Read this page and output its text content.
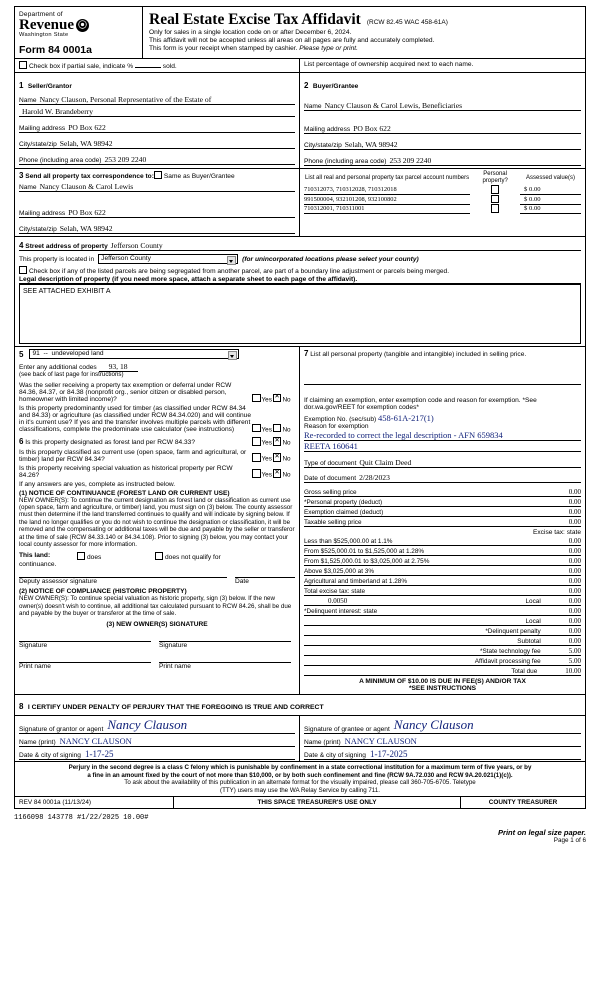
Department of
Revenue ⦿
Washington State
Form 84 0001a
Real Estate Excise Tax Affidavit (RCW 82.45 WAC 458-61A)
Only for sales in a single location code on or after December 6, 2024.
This affidavit will not be accepted unless all areas on all pages are fully and accurately completed.
This form is your receipt when stamped by cashier. Please type or print.
Check box if partial sale, indicate %	sold.	List percentage of ownership acquired next to each name.
1 Seller/Grantor
Name Nancy Clauson, Personal Representative of the Estate of
Harold W. Brandeberry
Mailing address PO Box 622
City/state/zip Selah, WA 98942
Phone (including area code) 253 209 2240
2 Buyer/Grantee
Name Nancy Clauson & Carol Lewis, Beneficiaries
Mailing address PO Box 622
City/state/zip Selah, WA 98942
Phone (including area code) 253 209 2240
3 Send all property tax correspondence to: Same as Buyer/Grantee
Name Nancy Clauson & Carol Lewis
Mailing address PO Box 622
City/state/zip Selah, WA 98942
List all real and personal property tax parcel account numbers	Personal property?	Assessed value(s)
710312073, 710312028, 710312018		$ 0.00
991500004, 932101208, 932100802		$ 0.00
710312001, 710311001		$ 0.00
4 Street address of property Jefferson County
This property is located in	Jefferson County	(for unincorporated locations please select your county)
Check box if any of the listed parcels are being segregated from another parcel, are part of a boundary line adjustment or parcels being merged.
Legal description of property (if you need more space, attach a separate sheet to each page of the affidavit).
SEE ATTACHED EXHIBIT A
5	91  --  undeveloped land
Enter any additional codes 93, 18
(see back of last page for instructions)
Was the seller receiving a property tax exemption or deferral under RCW 84.36, 84.37, or 84.38 (nonprofit org., senior citizen or disabled person, homeowner with limited income)?	Yes ✕ No
Is this property predominantly used for timber (as classified under RCW 84.34 and 84.33) or agriculture (as classified under RCW 84.34.020) and will continue in it's current use? If yes and the transfer involves multiple parcels with different classifications, complete the predominate use calculator (see instructions)	Yes No
6 Is this property designated as forest land per RCW 84.33?	Yes ✕ No
Is this property classified as current use (open space, farm and agricultural, or timber) land per RCW 84.34?	Yes ✕ No
Is this property receiving special valuation as historical property per RCW 84.26?	Yes ✕ No
If any answers are yes, complete as instructed below.
(1) NOTICE OF CONTINUANCE (FOREST LAND OR CURRENT USE)
NEW OWNER(S): To continue the current designation as forest land or classification as current use (open space, farm and agriculture, or timber) land, you must sign on (3) below. The county assessor must then determine if the land transferred continues to qualify and will indicate by signing below. If the land no longer qualifies or you do not wish to continue the designation or classification, it will be removed and the compensating or additional taxes will be due and payable by the seller or transferor at the time of sale (RCW 84.33.140 or 84.34.108). Prior to signing (3) below, you may contact your local county assessor for more information.
This land:	does	does not qualify for
continuance.
Deputy assessor signature	Date
(2) NOTICE OF COMPLIANCE (HISTORIC PROPERTY)
NEW OWNER(S): To continue special valuation as historic property, sign (3) below. If the new owner(s) doesn't wish to continue, all additional tax calculated pursuant to RCW 84.26, shall be due and payable by the buyer or transferor at the time of sale.
(3) NEW OWNER(S) SIGNATURE
Signature	Signature
Print name	Print name
7 List all personal property (tangible and intangible) included in selling price.
If claiming an exemption, enter exemption code and reason for exemption. *See dor.wa.gov/REET for exemption codes*
Exemption No. (sec/sub) 458-61A-217(1)
Reason for exemption
Re-recorded to correct the legal description - AFN 659834
REETA 160641
Type of document Quit Claim Deed
Date of document 2/28/2023
Gross selling price	0.00
*Personal property (deduct)	0.00
Exemption claimed (deduct)	0.00
Taxable selling price	0.00
Excise tax: state
Less than $525,000.00 at 1.1%	0.00
From $525,000.01 to $1,525,000 at 1.28%	0.00
From $1,525,000.01 to $3,025,000 at 2.75%	0.00
Above $3,025,000 at 3%	0.00
Agricultural and timberland at 1.28%	0.00
Total excise tax: state	0.00
0.0050	Local	0.00
*Delinquent interest: state	0.00
Local	0.00
*Delinquent penalty	0.00
Subtotal	0.00
*State technology fee	5.00
Affidavit processing fee	5.00
Total due	10.00
A MINIMUM OF $10.00 IS DUE IN FEE(S) AND/OR TAX
*SEE INSTRUCTIONS
8 I CERTIFY UNDER PENALTY OF PERJURY THAT THE FOREGOING IS TRUE AND CORRECT
Signature of grantor or agent Nancy Clauson
Name (print) NANCY CLAUSON
Date & city of signing 1-17-25
Signature of grantee or agent Nancy Clauson
Name (print) NANCY CLAUSON
Date & city of signing 1-17-2025
Perjury in the second degree is a class C felony which is punishable by confinement in a state correctional institution for a maximum term of five years, or by
a fine in an amount fixed by the court of not more than $10,000, or by both such confinement and fine (RCW 9A.72.030 and RCW 9A.20.021(1)(c)).
To ask about the availability of this publication in an alternate format for the visually impaired, please call 360-705-6705. Teletype
(TTY) users may use the WA Relay Service by calling 711.
REV 84 0001a (11/13/24)	THIS SPACE TREASURER'S USE ONLY	COUNTY TREASURER
1166098 143778 #1/22/2025 10.00#
Print on legal size paper.
Page 1 of 6
